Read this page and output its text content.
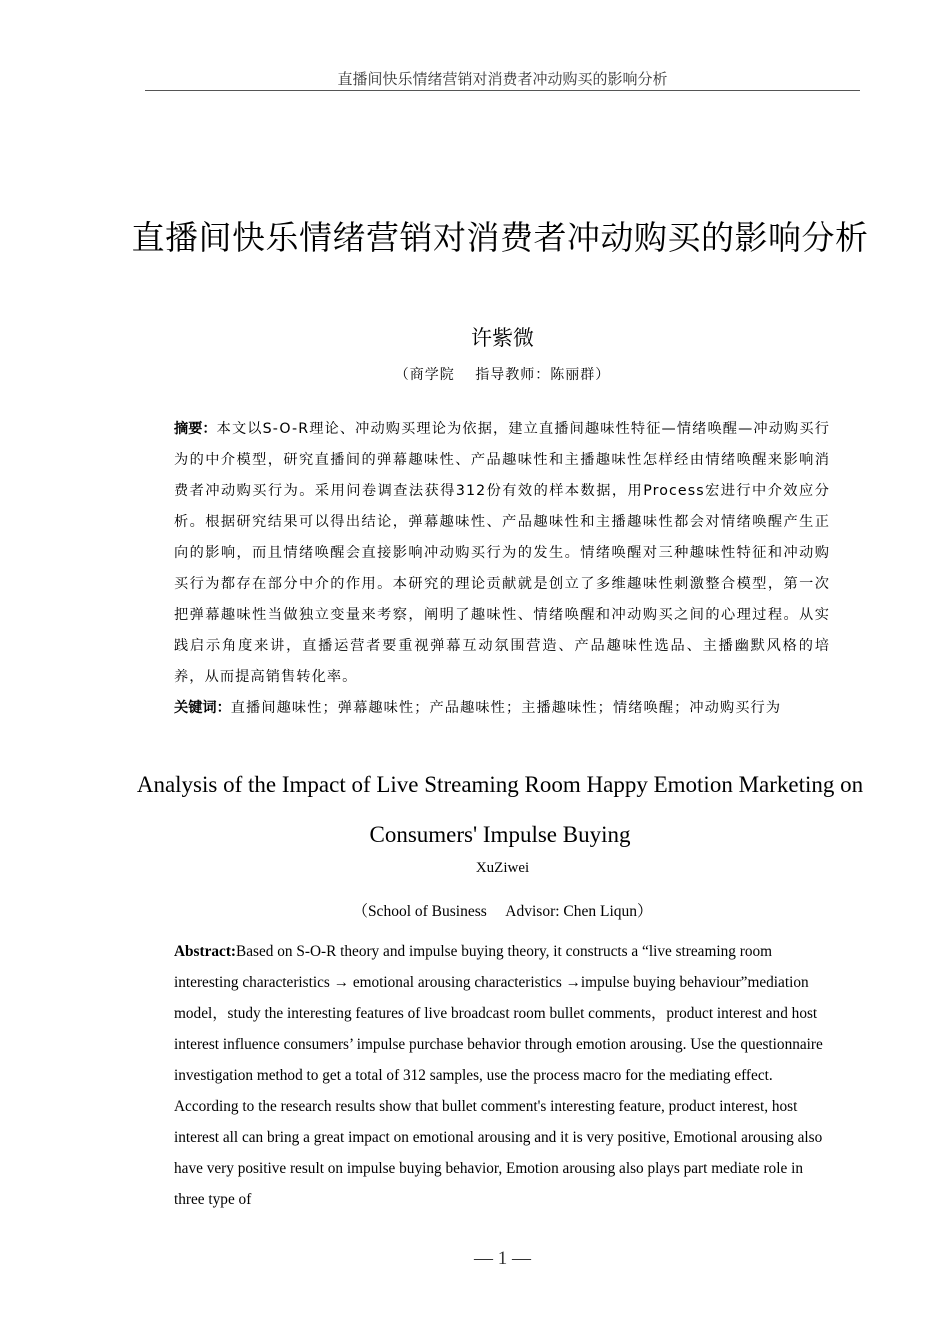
直播间快乐情绪营销对消费者冲动购买的影响分析
直播间快乐情绪营销对消费者冲动购买的影响分析
许紫微
（商学院　 指导教师：陈丽群）
摘要：本文以S-O-R理论、冲动购买理论为依据，建立直播间趣味性特征—情绪唤醒—冲动购买行为的中介模型，研究直播间的弹幕趣味性、产品趣味性和主播趣味性怎样经由情绪唤醒来影响消费者冲动购买行为。采用问卷调查法获得312份有效的样本数据，用Process宏进行中介效应分析。根据研究结果可以得出结论，弹幕趣味性、产品趣味性和主播趣味性都会对情绪唤醒产生正向的影响，而且情绪唤醒会直接影响冲动购买行为的发生。情绪唤醒对三种趣味性特征和冲动购买行为都存在部分中介的作用。本研究的理论贡献就是创立了多维趣味性刺激整合模型，第一次把弹幕趣味性当做独立变量来考察，阐明了趣味性、情绪唤醒和冲动购买之间的心理过程。从实践启示角度来讲，直播运营者要重视弹幕互动氛围营造、产品趣味性选品、主播幽默风格的培养，从而提高销售转化率。
关键词：直播间趣味性；弹幕趣味性；产品趣味性；主播趣味性；情绪唤醒；冲动购买行为
Analysis of the Impact of Live Streaming Room Happy Emotion Marketing on Consumers' Impulse Buying
XuZiwei
（School of Business     Advisor: Chen Liqun）
Abstract:Based on S-O-R theory and impulse buying theory, it constructs a “live streaming room interesting characteristics → emotional arousing characteristics →impulse buying behaviour”mediation model，study the interesting features of live broadcast room bullet comments，product interest and host interest influence consumers’ impulse purchase behavior through emotion arousing. Use the questionnaire investigation method to get a total of 312 samples, use the process macro for the mediating effect. According to the research results show that bullet comment's interesting feature, product interest, host interest all can bring a great impact on emotional arousing and it is very positive, Emotional arousing also have very positive result on impulse buying behavior, Emotion arousing also plays part mediate role in three type of
— 1 —
